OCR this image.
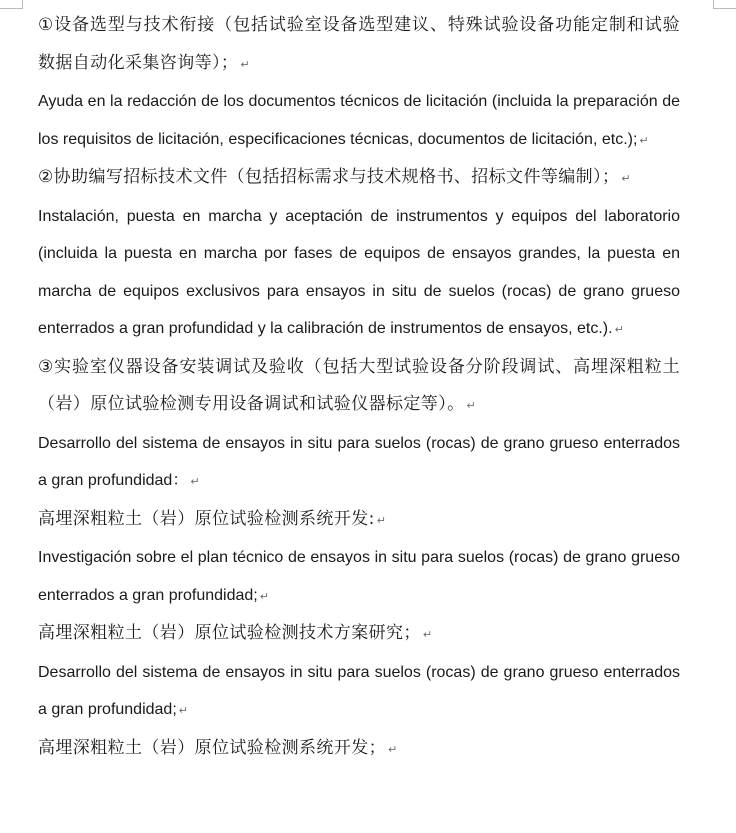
①设备选型与技术衔接（包括试验室设备选型建议、特殊试验设备功能定制和试验数据自动化采集咨询等）； ↵

Ayuda en la redacción de los documentos técnicos de licitación (incluida la preparación de los requisitos de licitación, especificaciones técnicas, documentos de licitación, etc.); ↵

②协助编写招标技术文件（包括招标需求与技术规格书、招标文件等编制）； ↵

Instalación, puesta en marcha y aceptación de instrumentos y equipos del laboratorio (incluida la puesta en marcha por fases de equipos de ensayos grandes, la puesta en marcha de equipos exclusivos para ensayos in situ de suelos (rocas) de grano grueso enterrados a gran profundidad y la calibración de instrumentos de ensayos, etc.). ↵

③实验室仪器设备安装调试及验收（包括大型试验设备分阶段调试、高埋深粗粒土（岩）原位试验检测专用设备调试和试验仪器标定等）。 ↵

Desarrollo del sistema de ensayos in situ para suelos (rocas) de grano grueso enterrados a gran profundidad： ↵

高埋深粗粒土（岩）原位试验检测系统开发: ↵

Investigación sobre el plan técnico de ensayos in situ para suelos (rocas) de grano grueso enterrados a gran profundidad; ↵

高埋深粗粒土（岩）原位试验检测技术方案研究； ↵

Desarrollo del sistema de ensayos in situ para suelos (rocas) de grano grueso enterrados a gran profundidad; ↵

高埋深粗粒土（岩）原位试验检测系统开发； ↵
